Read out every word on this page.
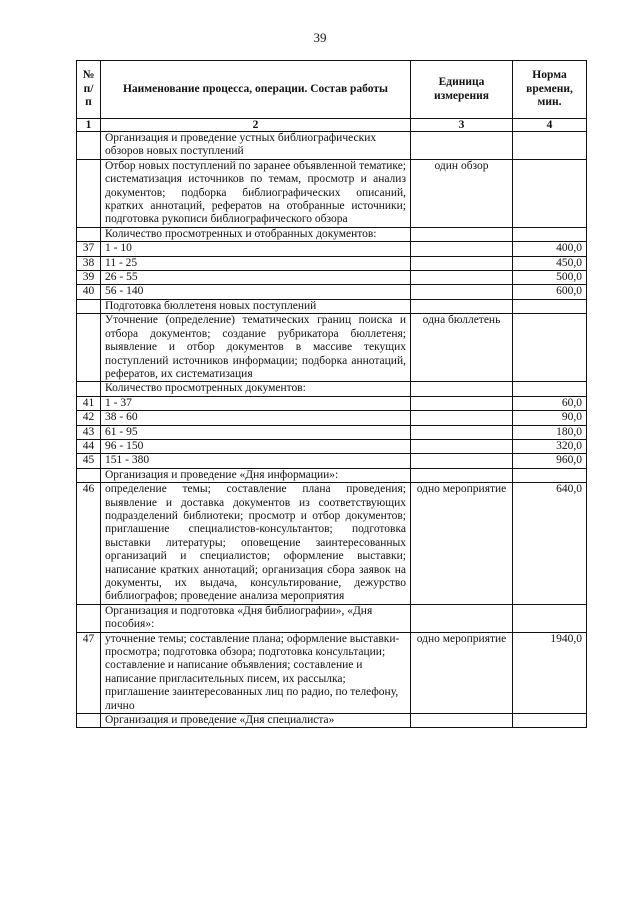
39
№ п/п	Наименование процесса, операции. Состав работы	Единица измерения	Норма времени, мин.
1	2	3	4
	Организация и проведение устных библиографических обзоров новых поступлений		
	Отбор новых поступлений по заранее объявленной тематике; систематизация источников по темам, просмотр и анализ документов; подборка библиографических описаний, кратких аннотаций, рефератов на отобранные источники; подготовка рукописи библиографического обзора	один обзор	
	Количество просмотренных и отобранных документов:		
37	1 - 10		400,0
38	11 - 25		450,0
39	26 - 55		500,0
40	56 - 140		600,0
	Подготовка бюллетеня новых поступлений		
	Уточнение (определение) тематических границ поиска и отбора документов; создание рубрикатора бюллетеня; выявление и отбор документов в массиве текущих поступлений источников информации; подборка аннотаций, рефератов, их систематизация	одна бюллетень	
	Количество просмотренных документов:		
41	1 - 37		60,0
42	38 - 60		90,0
43	61 - 95		180,0
44	96 - 150		320,0
45	151 - 380		960,0
	Организация и проведение «Дня информации»:		
46	определение темы; составление плана проведения; выявление и доставка документов из соответствующих подразделений библиотеки; просмотр и отбор документов; приглашение специалистов-консультантов; подготовка выставки литературы; оповещение заинтересованных организаций и специалистов; оформление выставки; написание кратких аннотаций; организация сбора заявок на документы, их выдача, консультирование, дежурство библиографов; проведение анализа мероприятия	одно мероприятие	640,0
	Организация и подготовка «Дня библиографии», «Дня пособия»:		
47	уточнение темы; составление плана; оформление выставки-просмотра; подготовка обзора; подготовка консультации; составление и написание объявления; составление и написание пригласительных писем, их рассылка; приглашение заинтересованных лиц по радио, по телефону, лично	одно мероприятие	1940,0
	Организация и проведение «Дня специалиста»		
